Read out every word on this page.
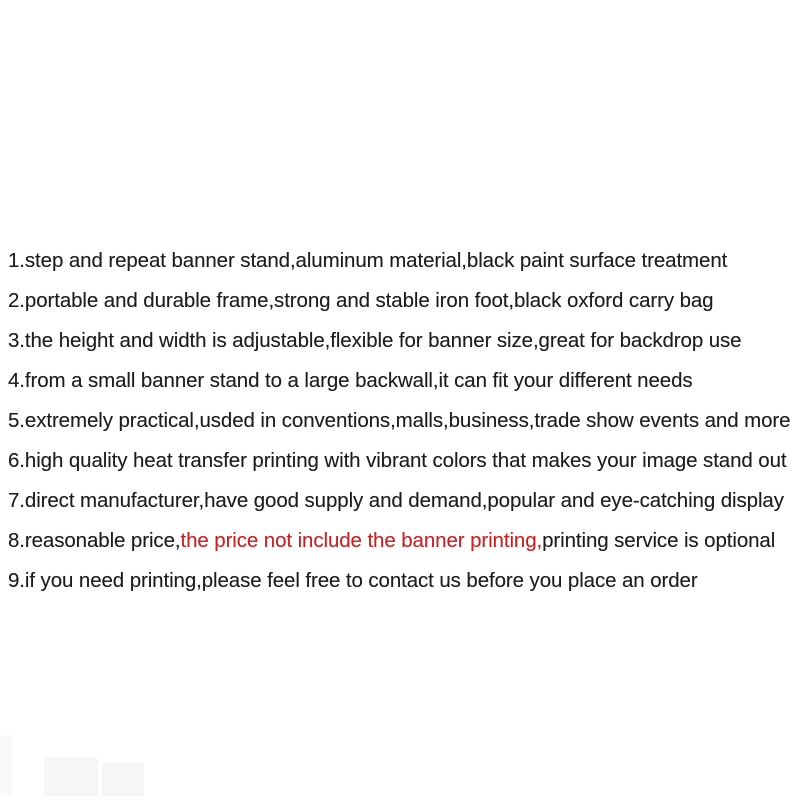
1.step and repeat banner stand,aluminum material,black paint surface treatment
2.portable and durable frame,strong and stable iron foot,black oxford carry bag
3.the height and width is adjustable,flexible for banner size,great for backdrop use
4.from a small banner stand to a large backwall,it can fit your different needs
5.extremely practical,usded in conventions,malls,business,trade show events and more
6.high quality heat transfer printing with vibrant colors that makes your image stand out
7.direct manufacturer,have good supply and demand,popular and eye-catching display
8.reasonable price,the price not include the banner printing,printing service is optional
9.if you need printing,please feel free to contact us before you place an order
